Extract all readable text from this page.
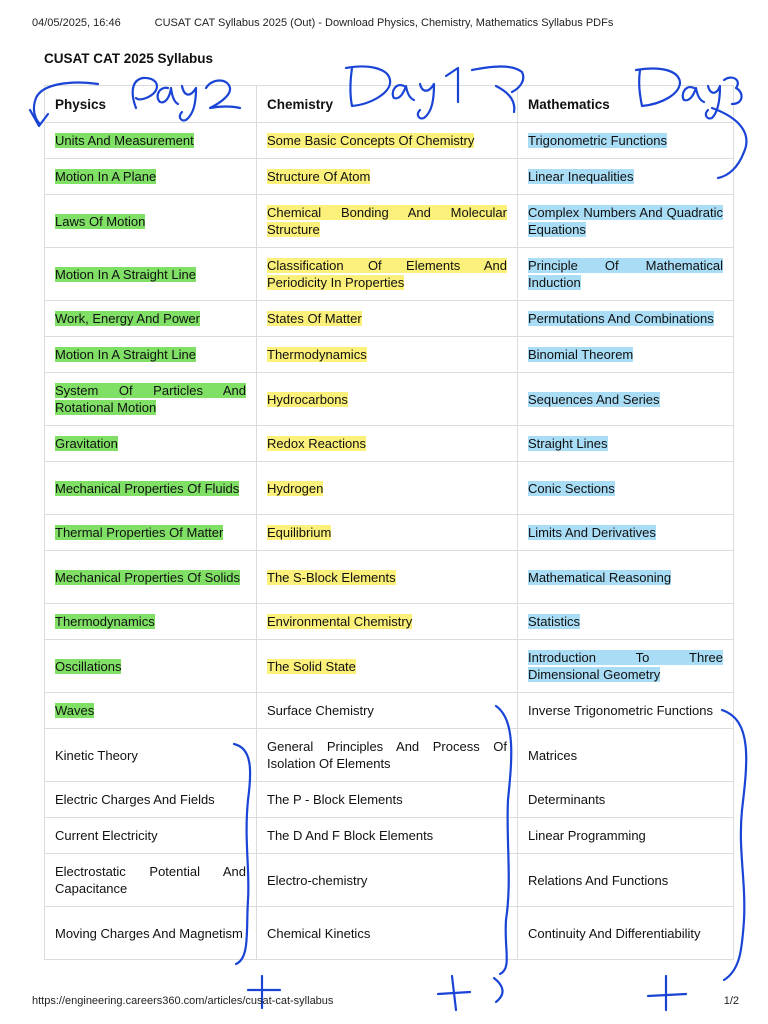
04/05/2025, 16:46	CUSAT CAT Syllabus 2025 (Out) - Download Physics, Chemistry, Mathematics Syllabus PDFs
CUSAT CAT 2025 Syllabus
Physics	Chemistry	Mathematics
Units And Measurement	Some Basic Concepts Of Chemistry	Trigonometric Functions
Motion In A Plane	Structure Of Atom	Linear Inequalities
Laws Of Motion	Chemical Bonding And Molecular Structure	Complex Numbers And Quadratic Equations
Motion In A Straight Line	Classification Of Elements And Periodicity In Properties	Principle Of Mathematical Induction
Work, Energy And Power	States Of Matter	Permutations And Combinations
Motion In A Straight Line	Thermodynamics	Binomial Theorem
System Of Particles And Rotational Motion	Hydrocarbons	Sequences And Series
Gravitation	Redox Reactions	Straight Lines
Mechanical Properties Of Fluids	Hydrogen	Conic Sections
Thermal Properties Of Matter	Equilibrium	Limits And Derivatives
Mechanical Properties Of Solids	The S-Block Elements	Mathematical Reasoning
Thermodynamics	Environmental Chemistry	Statistics
Oscillations	The Solid State	Introduction To Three Dimensional Geometry
Waves	Surface Chemistry	Inverse Trigonometric Functions
Kinetic Theory	General Principles And Process Of Isolation Of Elements	Matrices
Electric Charges And Fields	The P - Block Elements	Determinants
Current Electricity	The D And F Block Elements	Linear Programming
Electrostatic Potential And Capacitance	Electro-chemistry	Relations And Functions
Moving Charges And Magnetism	Chemical Kinetics	Continuity And Differentiability
https://engineering.careers360.com/articles/cusat-cat-syllabus	1/2
